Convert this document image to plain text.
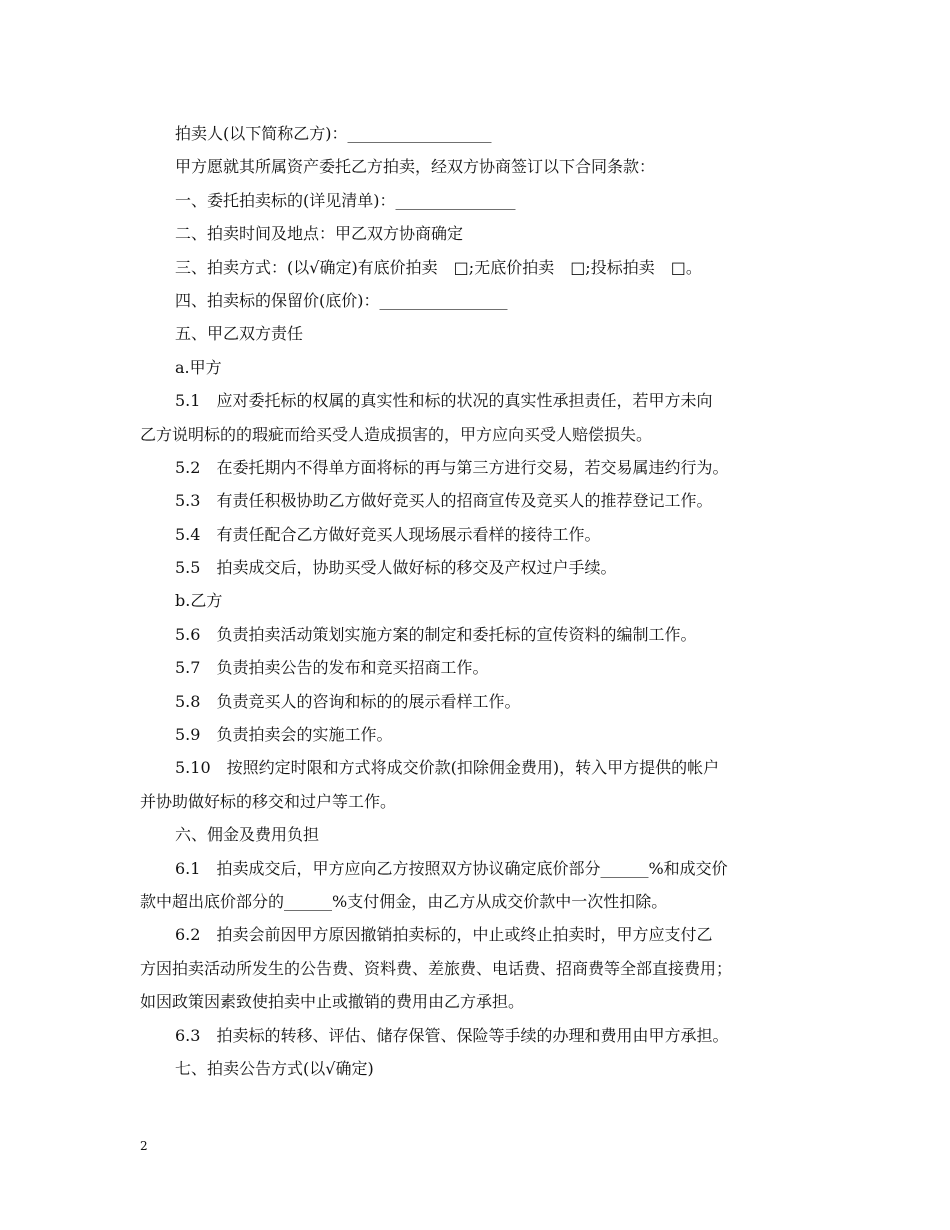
拍卖人(以下简称乙方)：__________________
甲方愿就其所属资产委托乙方拍卖，经双方协商签订以下合同条款：
一、委托拍卖标的(详见清单)：_______________
二、拍卖时间及地点：甲乙双方协商确定
三、拍卖方式：(以√确定)有底价拍卖　□;无底价拍卖　□;投标拍卖　□。
四、拍卖标的保留价(底价)：________________
五、甲乙双方责任
a.甲方
5.1　应对委托标的权属的真实性和标的状况的真实性承担责任，若甲方未向
乙方说明标的的瑕疵而给买受人造成损害的，甲方应向买受人赔偿损失。
5.2　在委托期内不得单方面将标的再与第三方进行交易，若交易属违约行为。
5.3　有责任积极协助乙方做好竞买人的招商宣传及竞买人的推荐登记工作。
5.4　有责任配合乙方做好竞买人现场展示看样的接待工作。
5.5　拍卖成交后，协助买受人做好标的移交及产权过户手续。
b.乙方
5.6　负责拍卖活动策划实施方案的制定和委托标的宣传资料的编制工作。
5.7　负责拍卖公告的发布和竞买招商工作。
5.8　负责竞买人的咨询和标的的展示看样工作。
5.9　负责拍卖会的实施工作。
5.10　按照约定时限和方式将成交价款(扣除佣金费用)，转入甲方提供的帐户
并协助做好标的移交和过户等工作。
六、佣金及费用负担
6.1　拍卖成交后，甲方应向乙方按照双方协议确定底价部分______%和成交价
款中超出底价部分的______%支付佣金，由乙方从成交价款中一次性扣除。
6.2　拍卖会前因甲方原因撤销拍卖标的，中止或终止拍卖时，甲方应支付乙
方因拍卖活动所发生的公告费、资料费、差旅费、电话费、招商费等全部直接费用；
如因政策因素致使拍卖中止或撤销的费用由乙方承担。
6.3　拍卖标的转移、评估、储存保管、保险等手续的办理和费用由甲方承担。
七、拍卖公告方式(以√确定)
2
